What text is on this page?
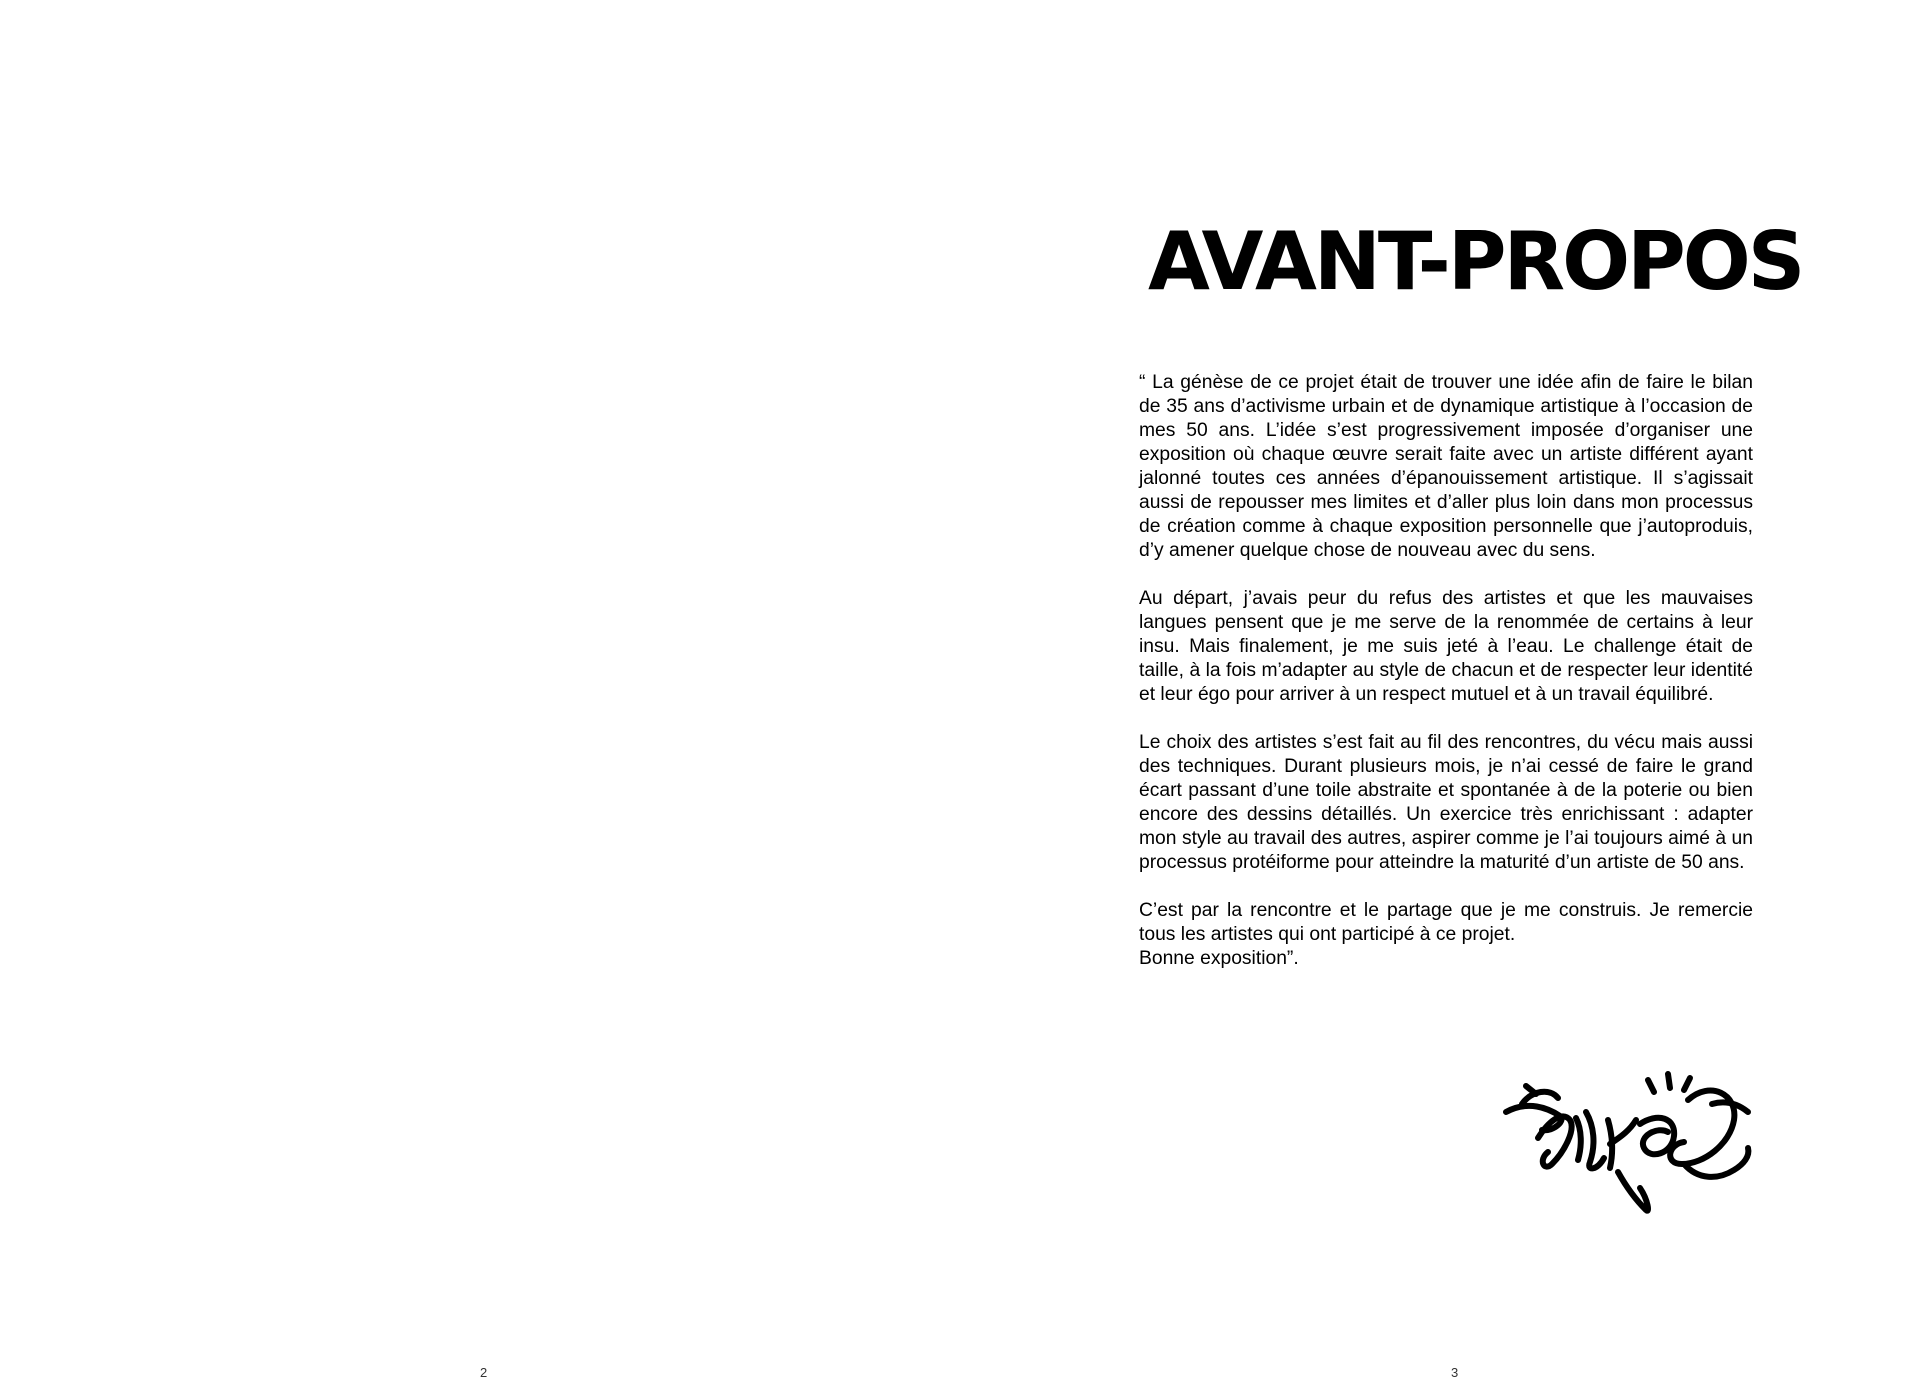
2
AVANT-PROPOS

“ La génèse de ce projet était de trouver une idée afin de faire le bilan de 35 ans d’activisme urbain et de dynamique artistique à l’occasion de mes 50 ans. L’idée s’est progressivement imposée d’organiser une exposition où chaque œuvre serait faite avec un artiste différent ayant jalonné toutes ces années d’épanouissement artistique. Il s’agissait aussi de repousser mes limites et d’aller plus loin dans mon processus de création comme à chaque exposition personnelle que j’autoproduis, d’y amener quelque chose de nouveau avec du sens.

Au départ, j’avais peur du refus des artistes et que les mauvaises langues pensent que je me serve de la renommée de certains à leur insu. Mais finalement, je me suis jeté à l’eau. Le challenge était de taille, à la fois m’adapter au style de chacun et de respecter leur identité et leur égo pour arriver à un respect mutuel et à un travail équilibré.

Le choix des artistes s’est fait au fil des rencontres, du vécu mais aussi des techniques. Durant plusieurs mois, je n’ai cessé de faire le grand écart passant d’une toile abstraite et spontanée à de la poterie ou bien encore des dessins détaillés. Un exercice très enrichissant : adapter mon style au travail des autres, aspirer comme je l’ai toujours aimé à un processus protéiforme pour atteindre la maturité d’un artiste de 50 ans.

C’est par la rencontre et le partage que je me construis. Je remercie tous les artistes qui ont participé à ce projet.
Bonne exposition”.

3
